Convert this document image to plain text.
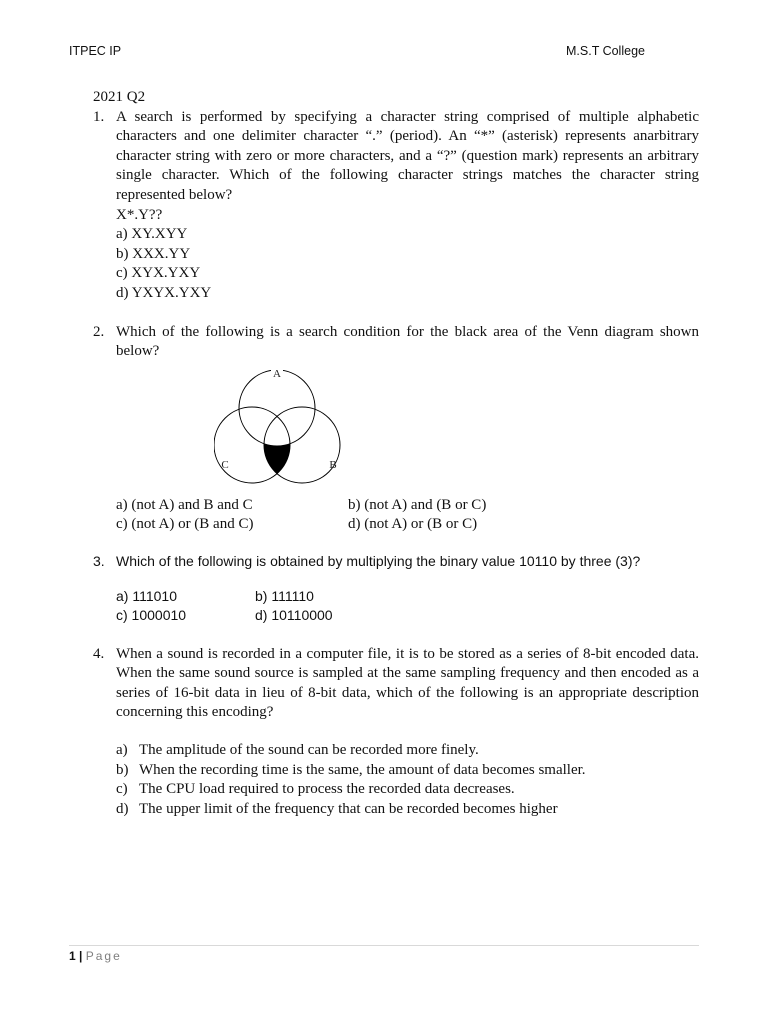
ITPEC IP	M.S.T College
2021 Q2
1. A search is performed by specifying a character string comprised of multiple alphabetic characters and one delimiter character “.” (period). An “*” (asterisk) represents anarbitrary character string with zero or more characters, and a “?” (question mark) represents an arbitrary single character. Which of the following character strings matches the character string represented below?
X*.Y??
a) XY.XYY
b) XXX.YY
c) XYX.YXY
d) YXYX.YXY
2. Which of the following is a search condition for the black area of the Venn diagram shown below?
A
C	B
a) (not A) and B and C	b) (not A) and (B or C)
c) (not A) or (B and C)	d) (not A) or (B or C)
3. Which of the following is obtained by multiplying the binary value 10110 by three (3)?
a) 111010	b) 111110
c) 1000010	d) 10110000
4. When a sound is recorded in a computer file, it is to be stored as a series of 8-bit encoded data. When the same sound source is sampled at the same sampling frequency and then encoded as a series of 16-bit data in lieu of 8-bit data, which of the following is an appropriate description concerning this encoding?
a) The amplitude of the sound can be recorded more finely.
b) When the recording time is the same, the amount of data becomes smaller.
c) The CPU load required to process the recorded data decreases.
d) The upper limit of the frequency that can be recorded becomes higher
1 | Page
